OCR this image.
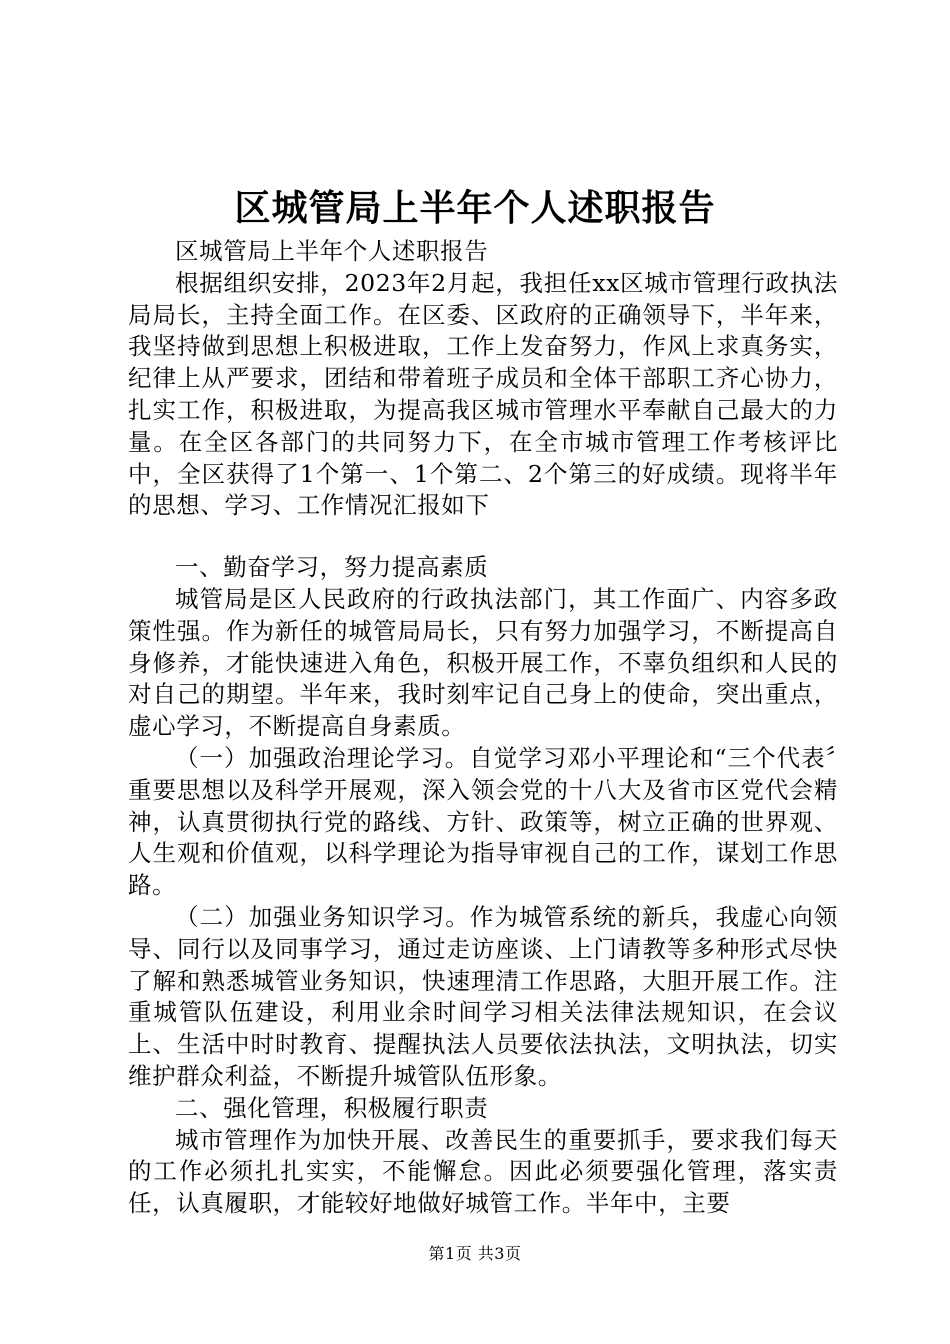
区城管局上半年个人述职报告

区城管局上半年个人述职报告

根据组织安排，2023年2月起，我担任xx区城市管理行政执法局局长，主持全面工作。在区委、区政府的正确领导下，半年来，我坚持做到思想上积极进取，工作上发奋努力，作风上求真务实，纪律上从严要求，团结和带着班子成员和全体干部职工齐心协力，扎实工作，积极进取，为提高我区城市管理水平奉献自己最大的力量。在全区各部门的共同努力下，在全市城市管理工作考核评比中，全区获得了1个第一、1个第二、2个第三的好成绩。现将半年的思想、学习、工作情况汇报如下

一、勤奋学习，努力提高素质

城管局是区人民政府的行政执法部门，其工作面广、内容多政策性强。作为新任的城管局局长，只有努力加强学习，不断提高自身修养，才能快速进入角色，积极开展工作，不辜负组织和人民的对自己的期望。半年来，我时刻牢记自己身上的使命，突出重点，虚心学习，不断提高自身素质。

（一）加强政治理论学习。自觉学习邓小平理论和“三个代表〞重要思想以及科学开展观，深入领会党的十八大及省市区党代会精神，认真贯彻执行党的路线、方针、政策等，树立正确的世界观、人生观和价值观，以科学理论为指导审视自己的工作，谋划工作思路。

（二）加强业务知识学习。作为城管系统的新兵，我虚心向领导、同行以及同事学习，通过走访座谈、上门请教等多种形式尽快了解和熟悉城管业务知识，快速理清工作思路，大胆开展工作。注重城管队伍建设，利用业余时间学习相关法律法规知识，在会议上、生活中时时教育、提醒执法人员要依法执法，文明执法，切实维护群众利益，不断提升城管队伍形象。

二、强化管理，积极履行职责

城市管理作为加快开展、改善民生的重要抓手，要求我们每天的工作必须扎扎实实，不能懈怠。因此必须要强化管理，落实责任，认真履职，才能较好地做好城管工作。半年中，主要

第1页 共3页
